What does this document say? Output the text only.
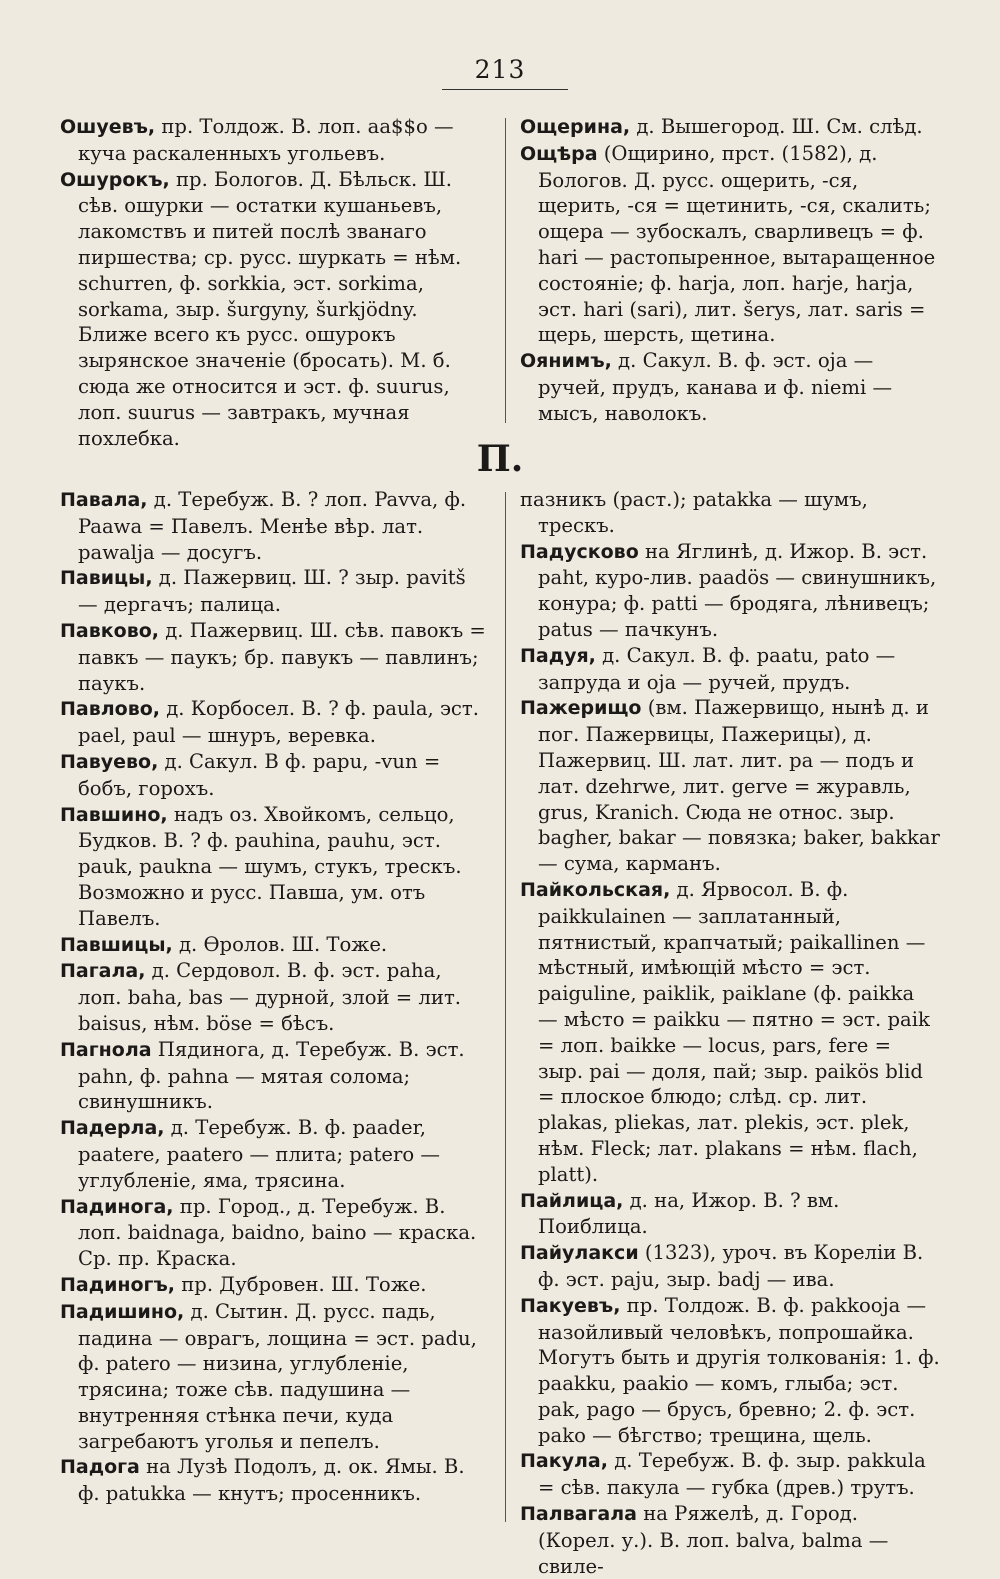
213

Ошуевъ, пр. Толдож. В. лоп. aa$$o — куча раскаленныхъ угольевъ.

Ошурокъ, пр. Бологов. Д. Бѣльск. Ш. сѣв. ошурки — остатки кушаньевъ, лакомствъ и питей послѣ званаго пиршества; ср. русс. шуркать = нѣм. schurren, ф. sorkkia, эст. sorkima, sorkama, зыр. šurgyny, šurkjödny. Ближе всего къ русс. ошурокъ зырянское значеніе (бросать). М. б. сюда же относится и эст. ф. suurus, лоп. suurus — завтракъ, мучная похлебка.

Ощерина, д. Вышегород. Ш. См. слѣд.

Ощѣра (Ощирино, прст. (1582), д. Бологов. Д. русс. ощерить, -ся, щерить, -ся = щетинить, -ся, скалить; ощера — зубоскалъ, сварливецъ = ф. hari — растопыренное, вытаращенное состояніе; ф. harja, лоп. harje, harja, эст. hari (sari), лит. šerys, лат. saris = щерь, шерсть, щетина.

Оянимъ, д. Сакул. В. ф. эст. oja — ручей, прудъ, канава и ф. niemi — мысъ, наволокъ.

П.

Павала, д. Теребуж. В. ? лоп. Pavva, ф. Paawa = Павелъ. Менѣе вѣр. лат. pawalja — досугъ.

Павицы, д. Пажервиц. Ш. ? зыр. pavitš — дергачъ; палица.

Павково, д. Пажервиц. Ш. сѣв. павокъ = павкъ — паукъ; бр. павукъ — павлинъ; паукъ.

Павлово, д. Корбосел. В. ? ф. paula, эст. pael, paul — шнуръ, веревка.

Павуево, д. Сакул. В ф. papu, -vun = бобъ, горохъ.

Павшино, надъ оз. Хвойкомъ, сельцо, Будков. В. ? ф. pauhina, pauhu, эст. pauk, paukna — шумъ, стукъ, трескъ. Возможно и русс. Павша, ум. отъ Павелъ.

Павшицы, д. Ѳролов. Ш. Тоже.

Пагала, д. Сердовол. В. ф. эст. paha, лоп. baha, bas — дурной, злой = лит. baisus, нѣм. böse = бѣсъ.

Пагнола Пядинога, д. Теребуж. В. эст. pahn, ф. pahna — мятая солома; свинушникъ.

Падерла, д. Теребуж. В. ф. paader, paatere, paatero — плита; patero — углубленіе, яма, трясина.

Падинога, пр. Город., д. Теребуж. В. лоп. baidnaga, baidno, baino — краска. Ср. пр. Краска.

Падиногъ, пр. Дубровен. Ш. Тоже.

Падишино, д. Сытин. Д. русс. падь, падина — оврагъ, лощина = эст. padu, ф. patero — низина, углубленіе, трясина; тоже сѣв. падушина — внутренняя стѣнка печи, куда загребаютъ уголья и пепелъ.

Падога на Лузѣ Подолъ, д. ок. Ямы. В. ф. patukka — кнутъ; просенникъ.

пазникъ (раст.); patakka — шумъ, трескъ.

Падусково на Яглинѣ, д. Ижор. В. эст. paht, куро-лив. paadös — свинушникъ, конура; ф. patti — бродяга, лѣнивецъ; patus — пачкунъ.

Падуя, д. Сакул. В. ф. paatu, pato — запруда и oja — ручей, прудъ.

Пажерищо (вм. Пажервищо, нынѣ д. и пог. Пажервицы, Пажерицы), д. Пажервиц. Ш. лат. лит. pa — подъ и лат. dzehrwe, лит. gerve = журавль, grus, Kranich. Сюда не относ. зыр. bagher, bakar — повязка; baker, bakkar — сума, карманъ.

Пайкольская, д. Ярвосол. В. ф. paikkulainen — заплатанный, пятнистый, крапчатый; paikallinen — мѣстный, имѣющій мѣсто = эст. paiguline, paiklik, paiklane (ф. paikka — мѣсто = paikku — пятно = эст. paik = лоп. baikke — locus, pars, fere = зыр. pai — доля, пай; зыр. paikös blid = плоское блюдо; слѣд. ср. лит. plakas, pliekas, лат. plekis, эст. plek, нѣм. Fleck; лат. plakans = нѣм. flach, platt).

Пайлица, д. на, Ижор. В. ? вм. Поиблица.

Пайулакси (1323), уроч. въ Кореліи В. ф. эст. paju, зыр. badj — ива.

Пакуевъ, пр. Толдож. В. ф. pakkooja — назойливый человѣкъ, попрошайка. Могутъ быть и другія толкованія: 1. ф. paakku, paakio — комъ, глыба; эст. pak, pago — брусъ, бревно; 2. ф. эст. pako — бѣгство; трещина, щель.

Пакула, д. Теребуж. В. ф. зыр. pakkula = сѣв. пакула — губка (древ.) трутъ.

Палвагала на Ряжелѣ, д. Город. (Корел. у.). В. лоп. balva, balma — свиле-
